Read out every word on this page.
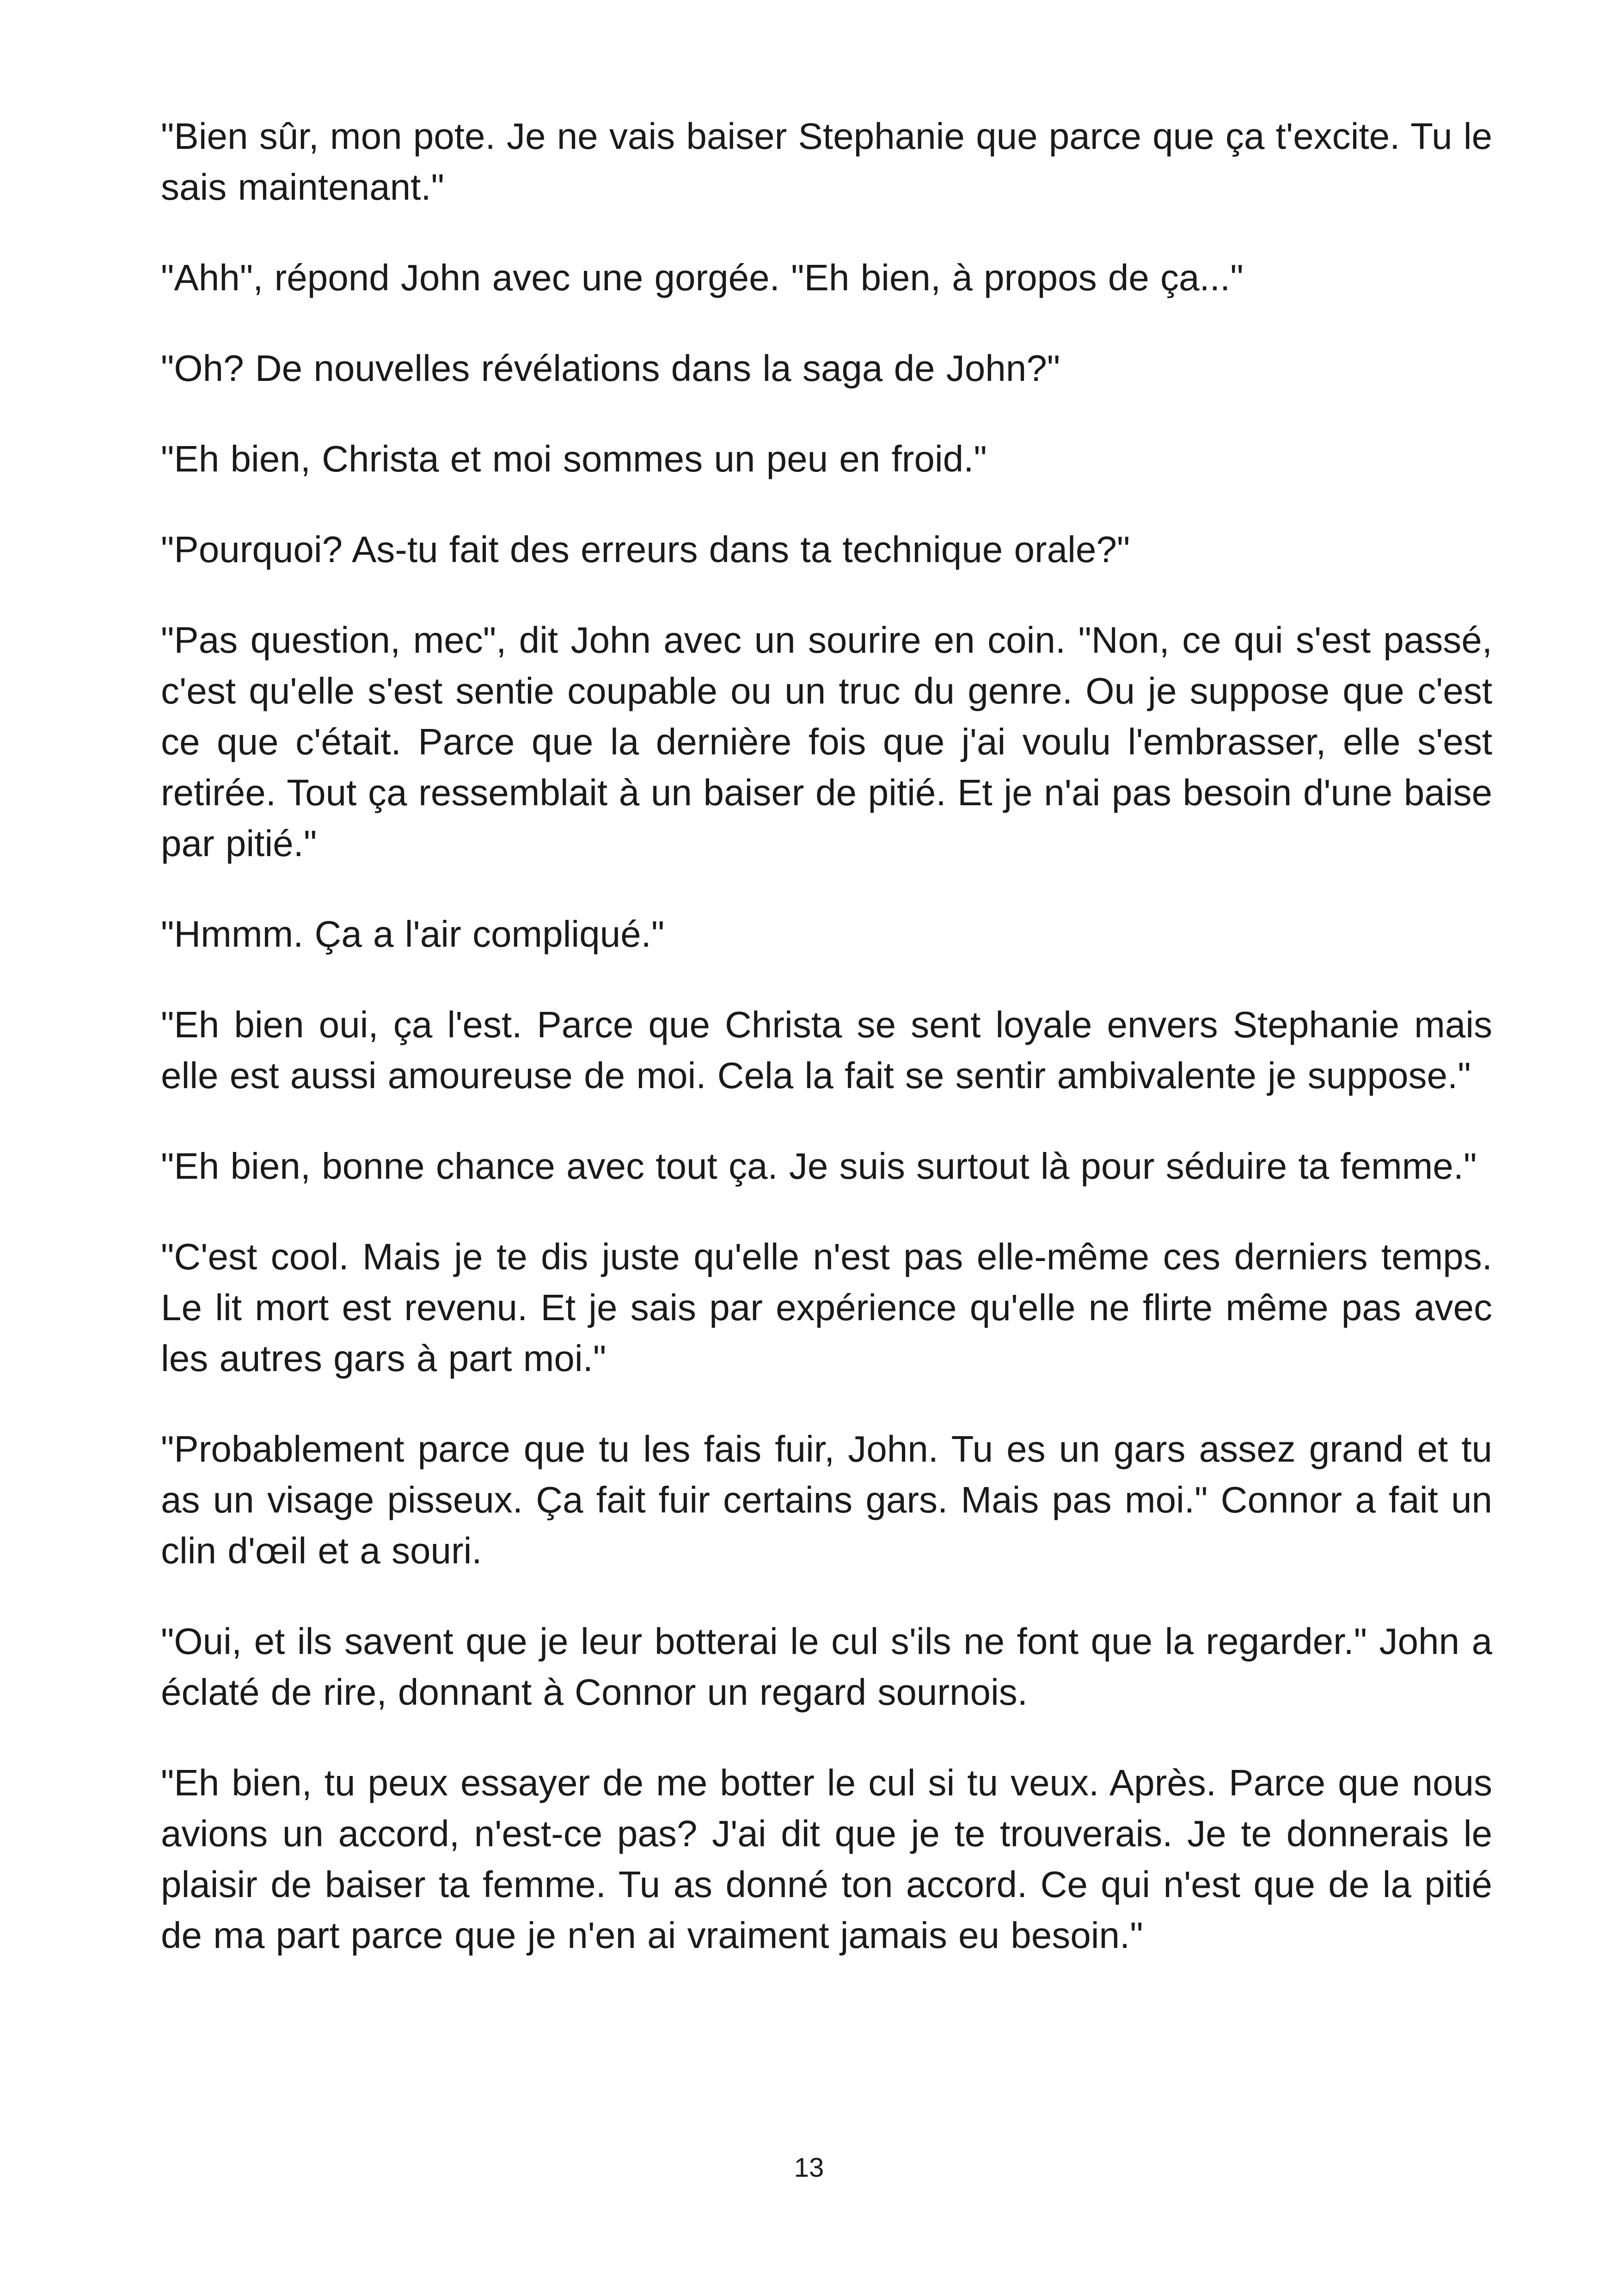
"Bien sûr, mon pote. Je ne vais baiser Stephanie que parce que ça t'excite. Tu le sais maintenant."

"Ahh", répond John avec une gorgée. "Eh bien, à propos de ça..."

"Oh? De nouvelles révélations dans la saga de John?"

"Eh bien, Christa et moi sommes un peu en froid."

"Pourquoi? As-tu fait des erreurs dans ta technique orale?"

"Pas question, mec", dit John avec un sourire en coin. "Non, ce qui s'est passé, c'est qu'elle s'est sentie coupable ou un truc du genre. Ou je suppose que c'est ce que c'était. Parce que la dernière fois que j'ai voulu l'embrasser, elle s'est retirée. Tout ça ressemblait à un baiser de pitié. Et je n'ai pas besoin d'une baise par pitié."

"Hmmm. Ça a l'air compliqué."

"Eh bien oui, ça l'est. Parce que Christa se sent loyale envers Stephanie mais elle est aussi amoureuse de moi. Cela la fait se sentir ambivalente je suppose."

"Eh bien, bonne chance avec tout ça. Je suis surtout là pour séduire ta femme."

"C'est cool. Mais je te dis juste qu'elle n'est pas elle-même ces derniers temps. Le lit mort est revenu. Et je sais par expérience qu'elle ne flirte même pas avec les autres gars à part moi."

"Probablement parce que tu les fais fuir, John. Tu es un gars assez grand et tu as un visage pisseux. Ça fait fuir certains gars. Mais pas moi." Connor a fait un clin d'œil et a souri.

"Oui, et ils savent que je leur botterai le cul s'ils ne font que la regarder." John a éclaté de rire, donnant à Connor un regard sournois.

"Eh bien, tu peux essayer de me botter le cul si tu veux. Après. Parce que nous avions un accord, n'est-ce pas? J'ai dit que je te trouverais. Je te donnerais le plaisir de baiser ta femme. Tu as donné ton accord. Ce qui n'est que de la pitié de ma part parce que je n'en ai vraiment jamais eu besoin."

13
